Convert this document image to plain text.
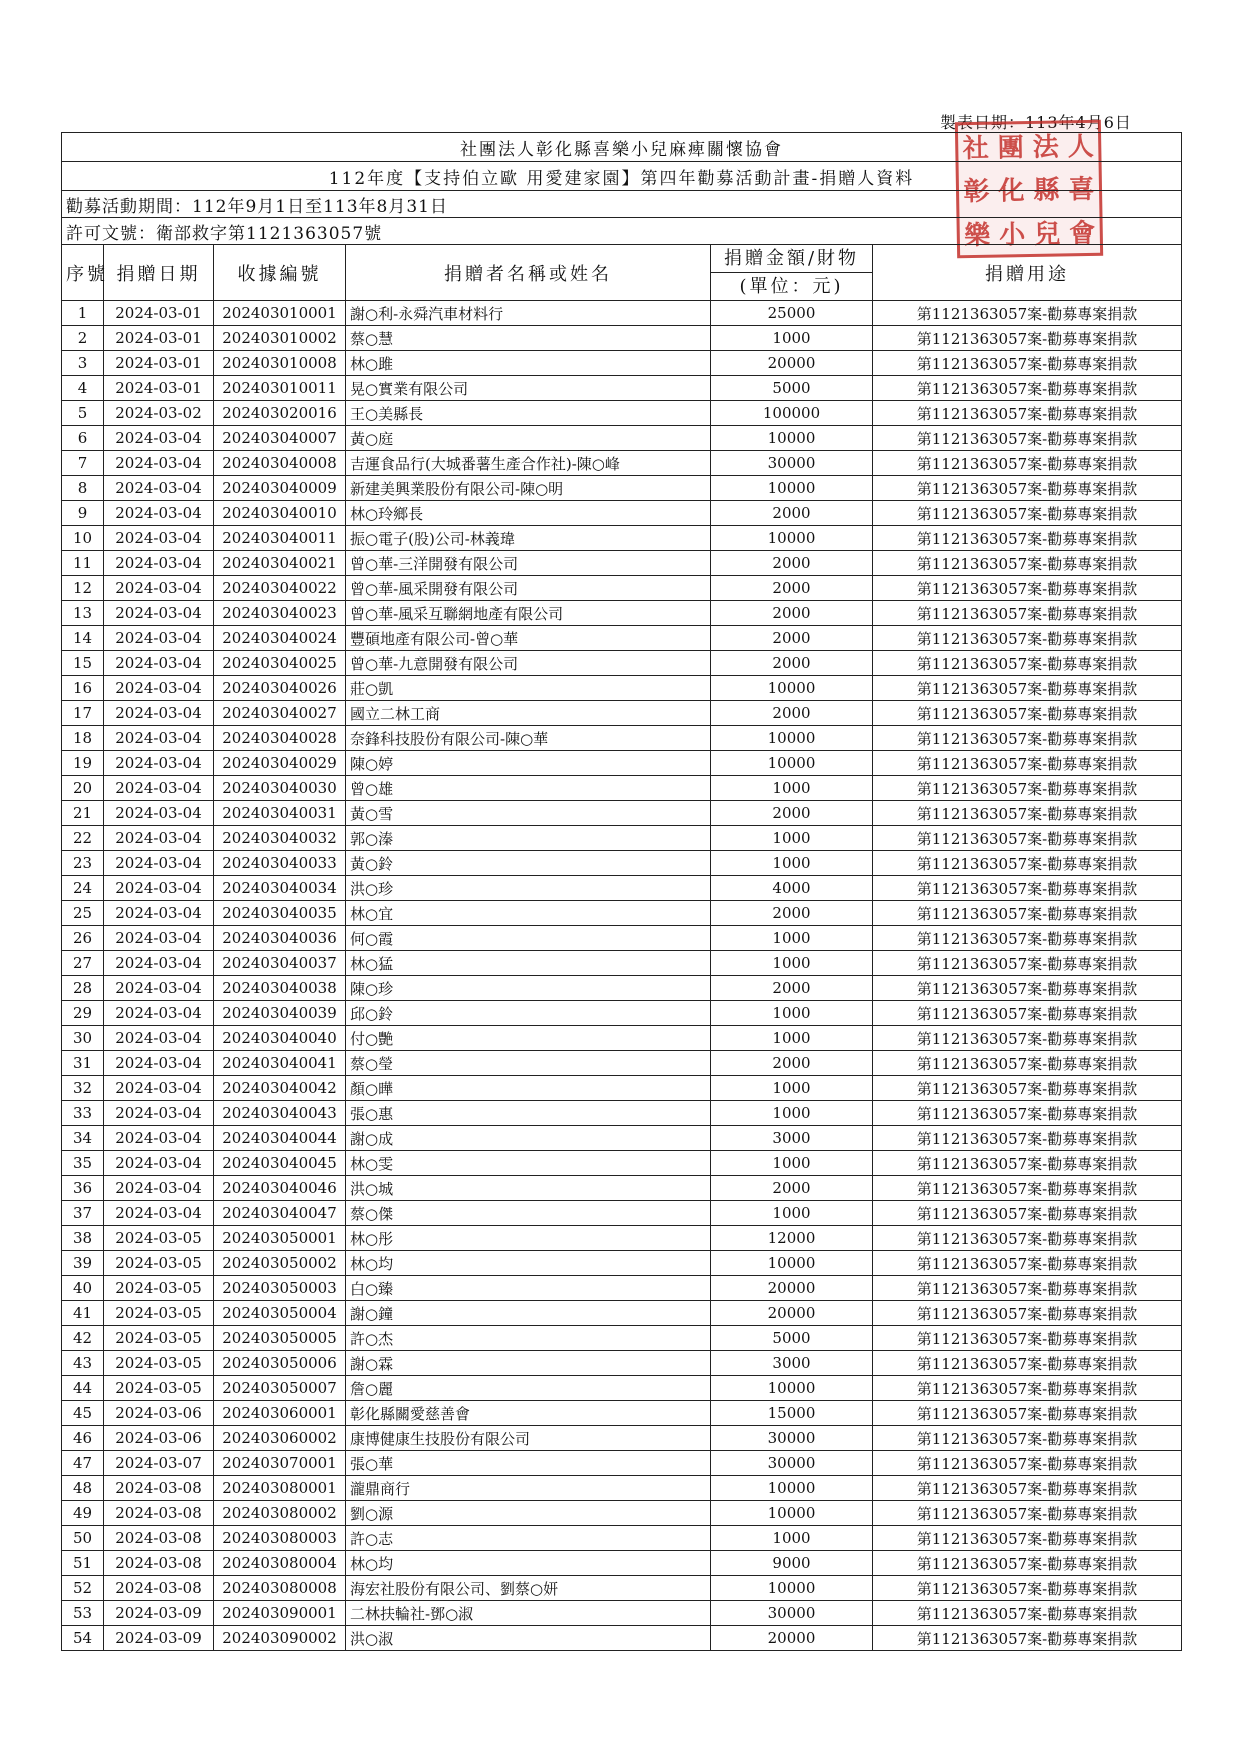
製表日期：113年4月6日
社 團 法 人
彰 化 縣 喜
樂 小 兒 會
社團法人彰化縣喜樂小兒麻痺關懷協會					
112年度【支持伯立歐 用愛建家園】第四年勸募活動計畫-捐贈人資料					
勸募活動期間：112年9月1日至113年8月31日					
許可文號：衛部救字第1121363057號					
序號	捐贈日期	收據編號	捐贈者名稱或姓名	捐贈金額/財物
(單位：元)	捐贈用途
1	2024-03-01	202403010001	謝○利-永舜汽車材料行	25000	第1121363057案-勸募專案捐款
2	2024-03-01	202403010002	蔡○慧	1000	第1121363057案-勸募專案捐款
3	2024-03-01	202403010008	林○雎	20000	第1121363057案-勸募專案捐款
4	2024-03-01	202403010011	晃○實業有限公司	5000	第1121363057案-勸募專案捐款
5	2024-03-02	202403020016	王○美縣長	100000	第1121363057案-勸募專案捐款
6	2024-03-04	202403040007	黃○庭	10000	第1121363057案-勸募專案捐款
7	2024-03-04	202403040008	吉運食品行(大城番薯生產合作社)-陳○峰	30000	第1121363057案-勸募專案捐款
8	2024-03-04	202403040009	新建美興業股份有限公司-陳○明	10000	第1121363057案-勸募專案捐款
9	2024-03-04	202403040010	林○玲鄉長	2000	第1121363057案-勸募專案捐款
10	2024-03-04	202403040011	振○電子(股)公司-林義瑋	10000	第1121363057案-勸募專案捐款
11	2024-03-04	202403040021	曾○華-三洋開發有限公司	2000	第1121363057案-勸募專案捐款
12	2024-03-04	202403040022	曾○華-風采開發有限公司	2000	第1121363057案-勸募專案捐款
13	2024-03-04	202403040023	曾○華-風采互聯網地產有限公司	2000	第1121363057案-勸募專案捐款
14	2024-03-04	202403040024	豐碩地產有限公司-曾○華	2000	第1121363057案-勸募專案捐款
15	2024-03-04	202403040025	曾○華-九意開發有限公司	2000	第1121363057案-勸募專案捐款
16	2024-03-04	202403040026	莊○凱	10000	第1121363057案-勸募專案捐款
17	2024-03-04	202403040027	國立二林工商	2000	第1121363057案-勸募專案捐款
18	2024-03-04	202403040028	奈鋒科技股份有限公司-陳○華	10000	第1121363057案-勸募專案捐款
19	2024-03-04	202403040029	陳○婷	10000	第1121363057案-勸募專案捐款
20	2024-03-04	202403040030	曾○雄	1000	第1121363057案-勸募專案捐款
21	2024-03-04	202403040031	黃○雪	2000	第1121363057案-勸募專案捐款
22	2024-03-04	202403040032	郭○溱	1000	第1121363057案-勸募專案捐款
23	2024-03-04	202403040033	黃○鈴	1000	第1121363057案-勸募專案捐款
24	2024-03-04	202403040034	洪○珍	4000	第1121363057案-勸募專案捐款
25	2024-03-04	202403040035	林○宜	2000	第1121363057案-勸募專案捐款
26	2024-03-04	202403040036	何○霞	1000	第1121363057案-勸募專案捐款
27	2024-03-04	202403040037	林○猛	1000	第1121363057案-勸募專案捐款
28	2024-03-04	202403040038	陳○珍	2000	第1121363057案-勸募專案捐款
29	2024-03-04	202403040039	邱○鈴	1000	第1121363057案-勸募專案捐款
30	2024-03-04	202403040040	付○艷	1000	第1121363057案-勸募專案捐款
31	2024-03-04	202403040041	蔡○瑩	2000	第1121363057案-勸募專案捐款
32	2024-03-04	202403040042	顏○曄	1000	第1121363057案-勸募專案捐款
33	2024-03-04	202403040043	張○惠	1000	第1121363057案-勸募專案捐款
34	2024-03-04	202403040044	謝○成	3000	第1121363057案-勸募專案捐款
35	2024-03-04	202403040045	林○雯	1000	第1121363057案-勸募專案捐款
36	2024-03-04	202403040046	洪○城	2000	第1121363057案-勸募專案捐款
37	2024-03-04	202403040047	蔡○傑	1000	第1121363057案-勸募專案捐款
38	2024-03-05	202403050001	林○彤	12000	第1121363057案-勸募專案捐款
39	2024-03-05	202403050002	林○均	10000	第1121363057案-勸募專案捐款
40	2024-03-05	202403050003	白○臻	20000	第1121363057案-勸募專案捐款
41	2024-03-05	202403050004	謝○鐘	20000	第1121363057案-勸募專案捐款
42	2024-03-05	202403050005	許○杰	5000	第1121363057案-勸募專案捐款
43	2024-03-05	202403050006	謝○霖	3000	第1121363057案-勸募專案捐款
44	2024-03-05	202403050007	詹○麗	10000	第1121363057案-勸募專案捐款
45	2024-03-06	202403060001	彰化縣關愛慈善會	15000	第1121363057案-勸募專案捐款
46	2024-03-06	202403060002	康博健康生技股份有限公司	30000	第1121363057案-勸募專案捐款
47	2024-03-07	202403070001	張○華	30000	第1121363057案-勸募專案捐款
48	2024-03-08	202403080001	瀧鼎商行	10000	第1121363057案-勸募專案捐款
49	2024-03-08	202403080002	劉○源	10000	第1121363057案-勸募專案捐款
50	2024-03-08	202403080003	許○志	1000	第1121363057案-勸募專案捐款
51	2024-03-08	202403080004	林○均	9000	第1121363057案-勸募專案捐款
52	2024-03-08	202403080008	海宏社股份有限公司、劉蔡○妍	10000	第1121363057案-勸募專案捐款
53	2024-03-09	202403090001	二林扶輪社-鄧○淑	30000	第1121363057案-勸募專案捐款
54	2024-03-09	202403090002	洪○淑	20000	第1121363057案-勸募專案捐款
